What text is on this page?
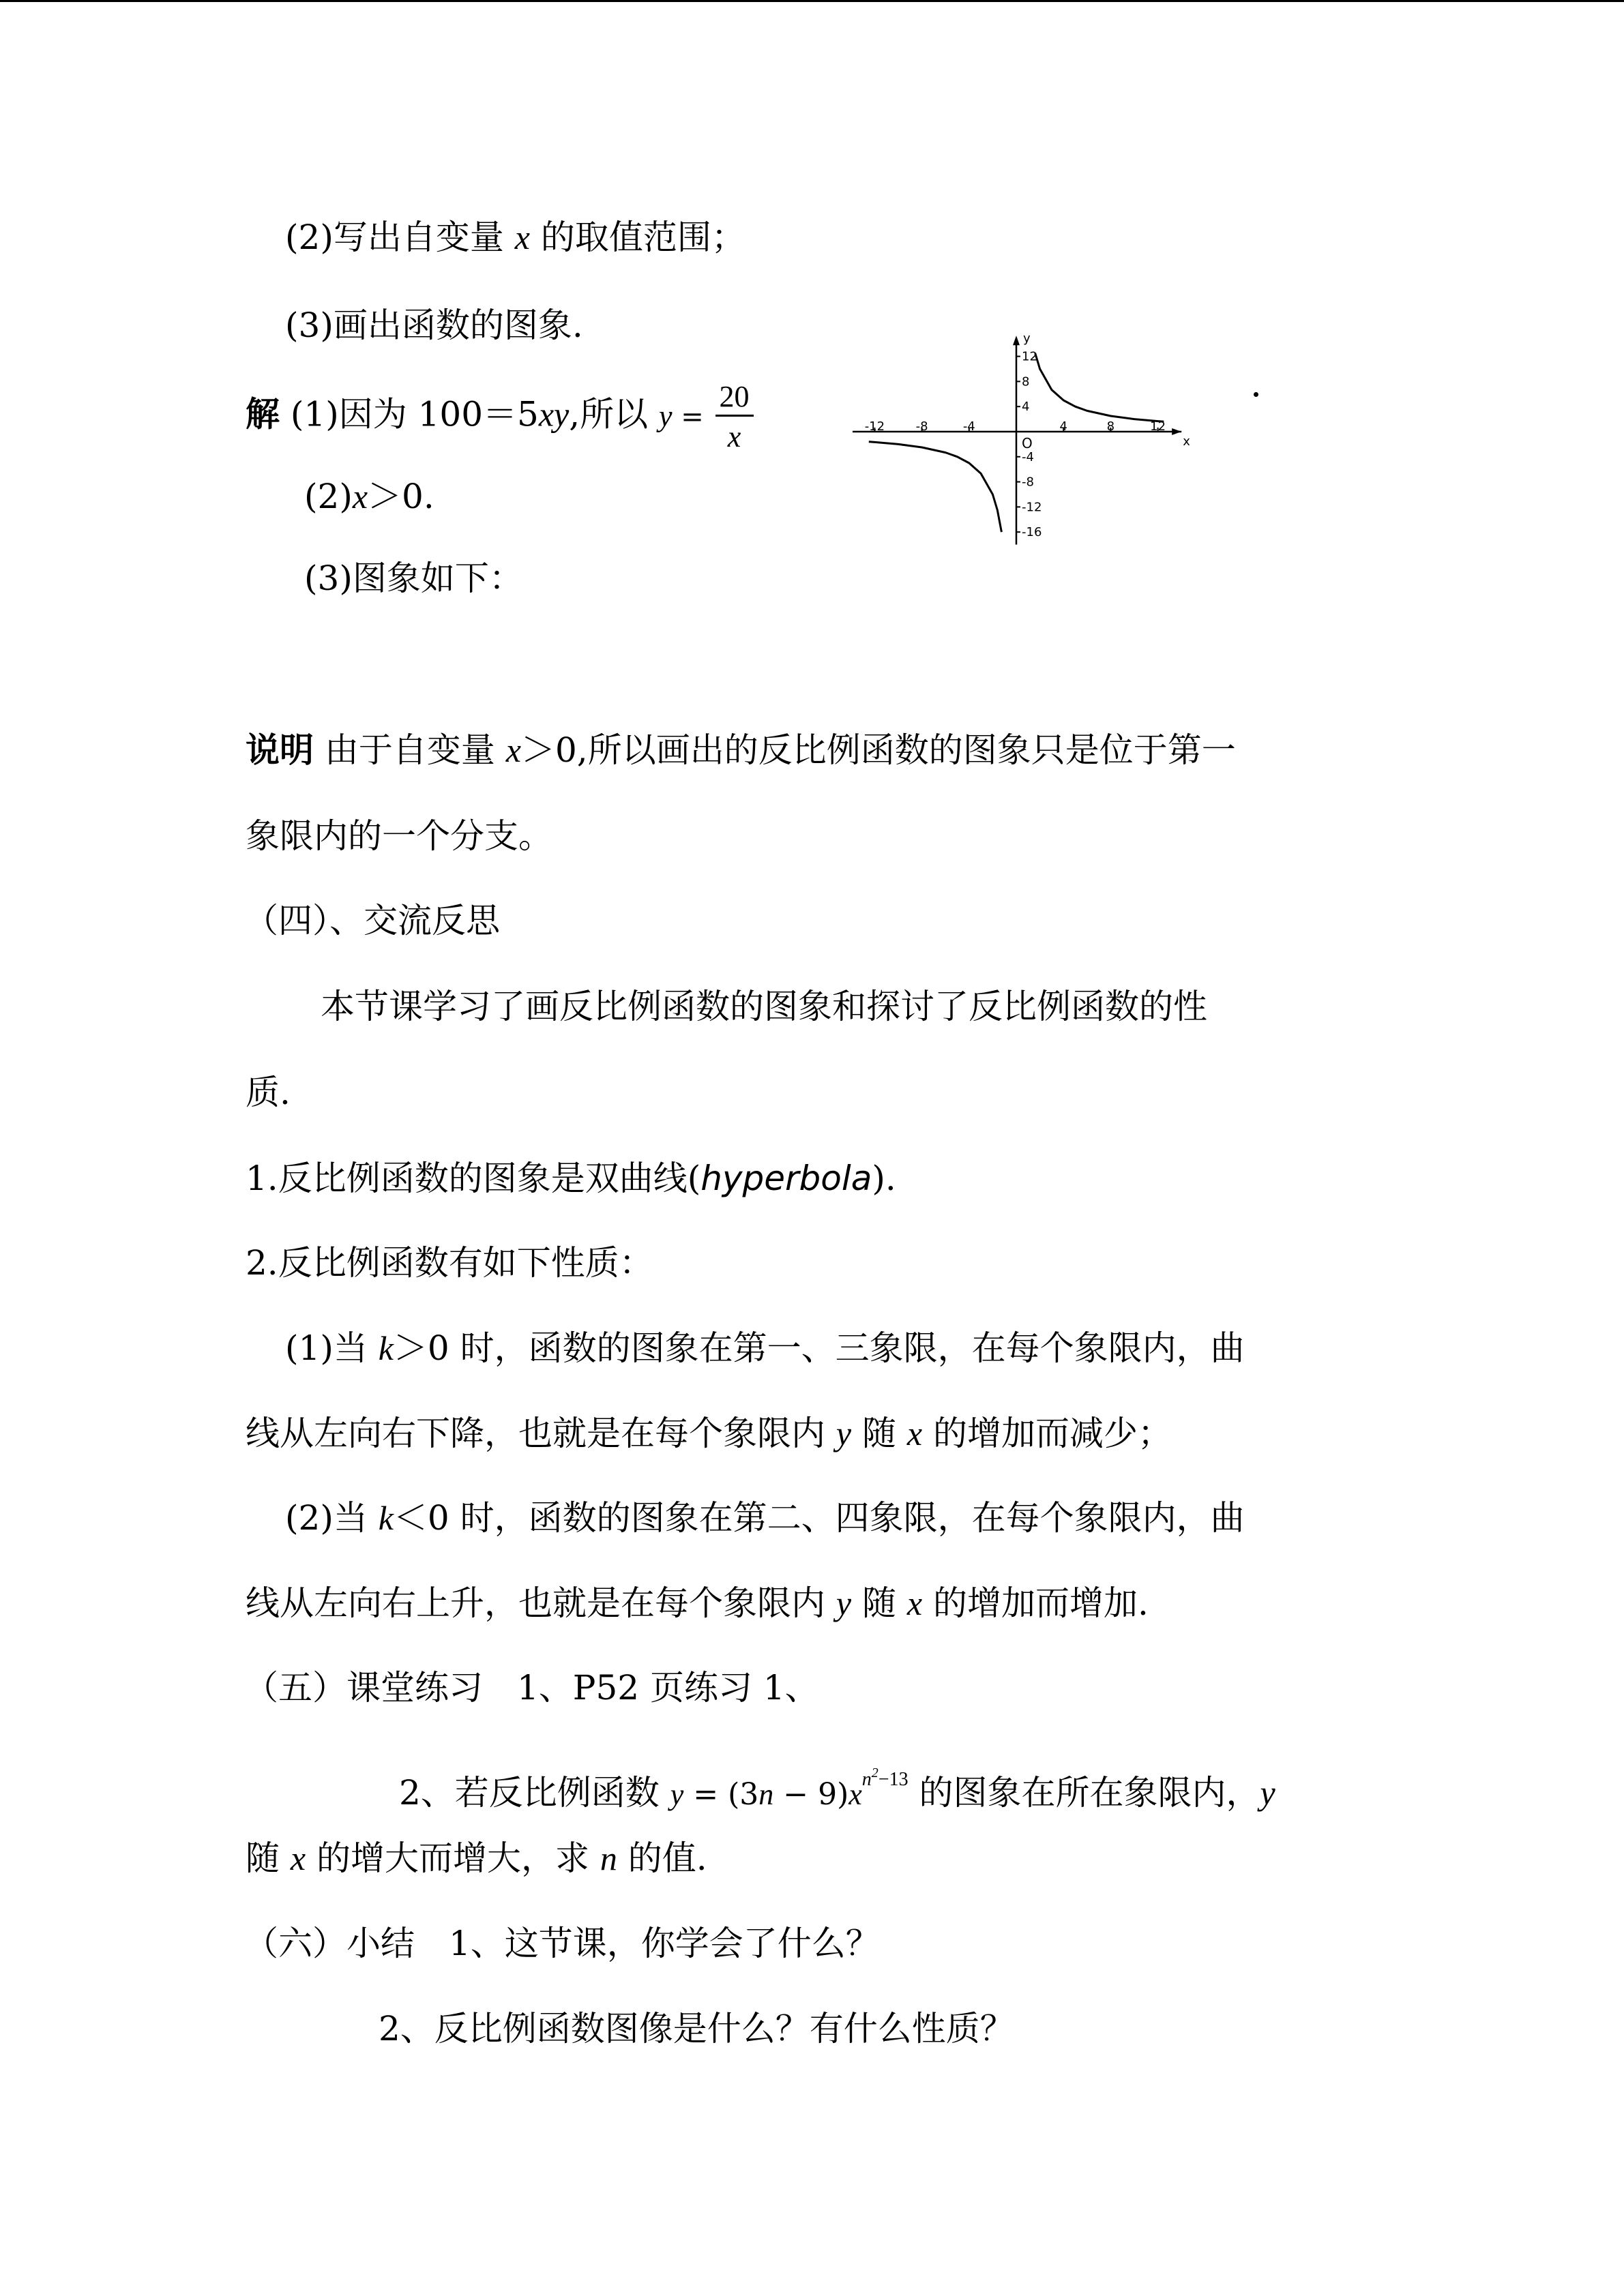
(2)写出自变量 x 的取值范围；
(3)画出函数的图象.
解 (1)因为 100＝5xy,所以 $y = \frac{20}{x}$
(2)x＞0.
(3)图象如下：
x
y
O
-12	-8	-4	4	8	12
12
8
4
-4
-8
-12
-16
说明 由于自变量 x＞0,所以画出的反比例函数的图象只是位于第一
象限内的一个分支。
（四）、交流反思
本节课学习了画反比例函数的图象和探讨了反比例函数的性
质.
1.反比例函数的图象是双曲线(hyperbola).
2.反比例函数有如下性质：
(1)当 k＞0 时，函数的图象在第一、三象限，在每个象限内，曲
线从左向右下降，也就是在每个象限内 y 随 x 的增加而减少；
(2)当 k＜0 时，函数的图象在第二、四象限，在每个象限内，曲
线从左向右上升，也就是在每个象限内 y 随 x 的增加而增加.
（五）课堂练习　1、P52 页练习 1、
2、若反比例函数 $y = (3n - 9)x^{n^2-13}$ 的图象在所在象限内，y
随 x 的增大而增大，求 n 的值.
（六）小结　1、这节课，你学会了什么？
2、反比例函数图像是什么？有什么性质？
